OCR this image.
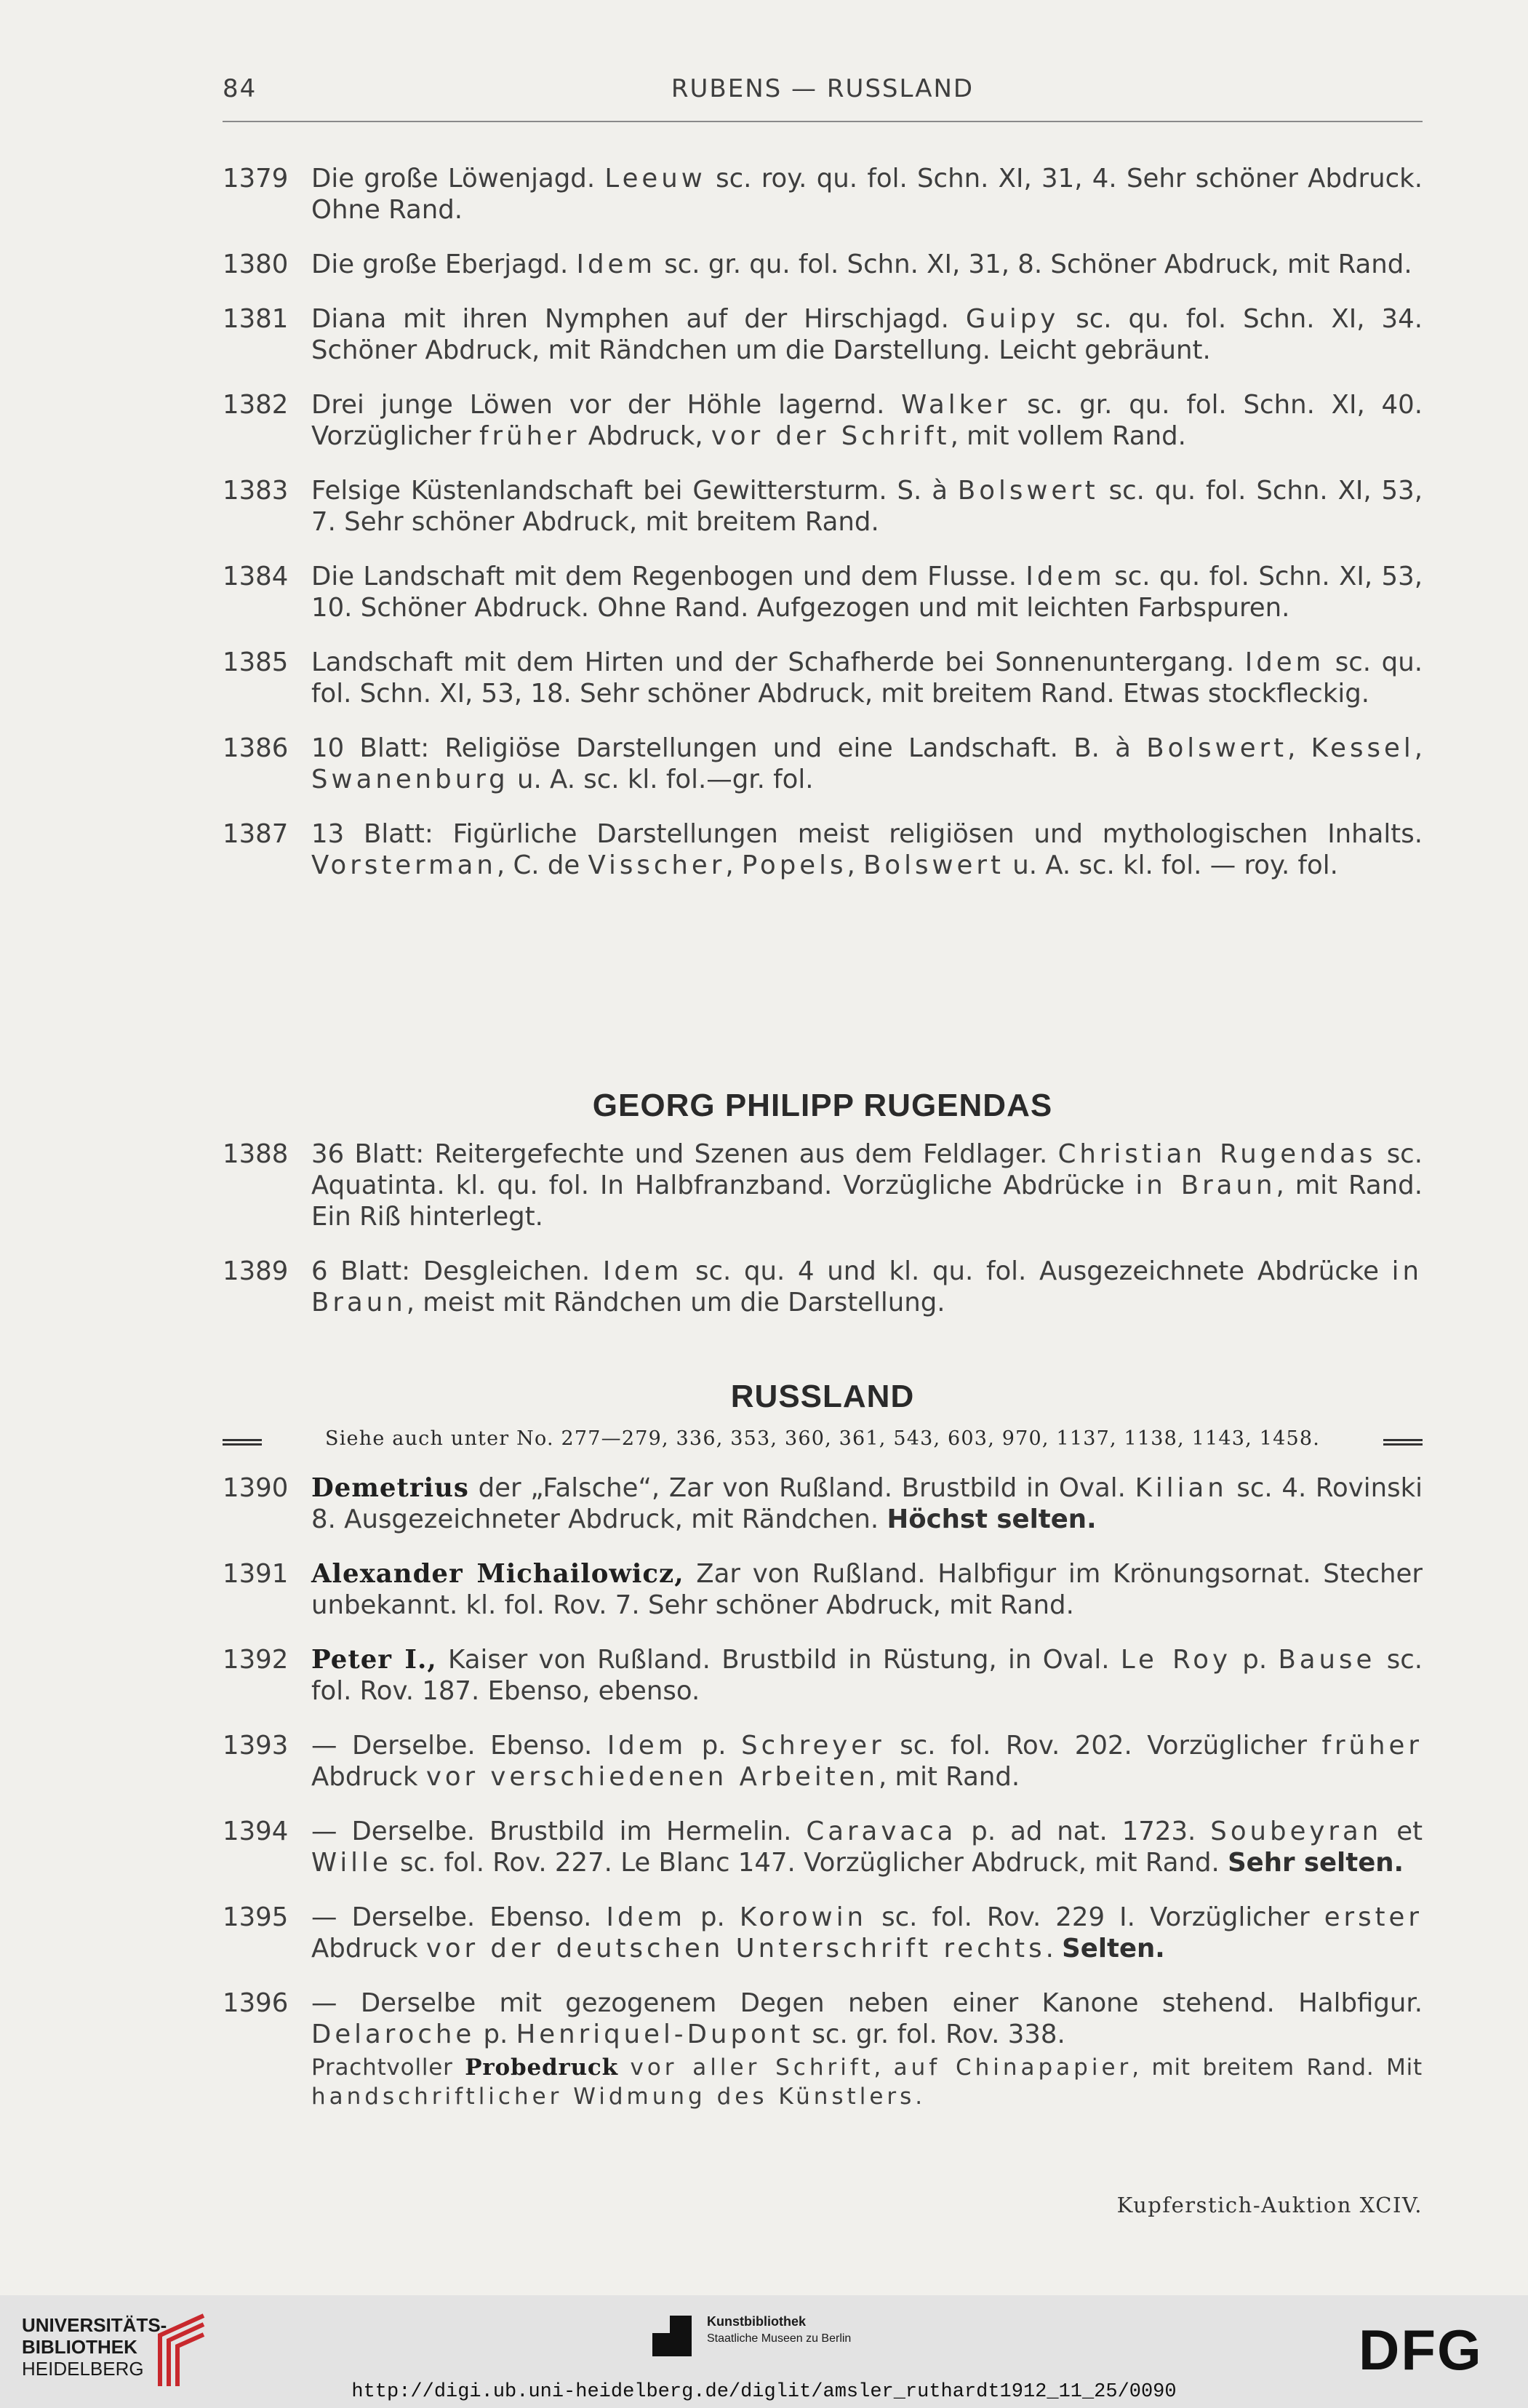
84	RUBENS — RUSSLAND
1379 Die große Löwenjagd. Leeuw sc. roy. qu. fol. Schn. XI, 31, 4. Sehr schöner Abdruck. Ohne Rand.
1380 Die große Eberjagd. Idem sc. gr. qu. fol. Schn. XI, 31, 8. Schöner Abdruck, mit Rand.
1381 Diana mit ihren Nymphen auf der Hirschjagd. Guipy sc. qu. fol. Schn. XI, 34. Schöner Abdruck, mit Rändchen um die Darstellung. Leicht gebräunt.
1382 Drei junge Löwen vor der Höhle lagernd. Walker sc. gr. qu. fol. Schn. XI, 40. Vorzüglicher früher Abdruck, vor der Schrift, mit vollem Rand.
1383 Felsige Küstenlandschaft bei Gewittersturm. S. à Bolswert sc. qu. fol. Schn. XI, 53, 7. Sehr schöner Abdruck, mit breitem Rand.
1384 Die Landschaft mit dem Regenbogen und dem Flusse. Idem sc. qu. fol. Schn. XI, 53, 10. Schöner Abdruck. Ohne Rand. Aufgezogen und mit leichten Farbspuren.
1385 Landschaft mit dem Hirten und der Schafherde bei Sonnenuntergang. Idem sc. qu. fol. Schn. XI, 53, 18. Sehr schöner Abdruck, mit breitem Rand. Etwas stockfleckig.
1386 10 Blatt: Religiöse Darstellungen und eine Landschaft. B. à Bolswert, Kessel, Swanenburg u. A. sc. kl. fol.—gr. fol.
1387 13 Blatt: Figürliche Darstellungen meist religiösen und mythologischen Inhalts. Vorsterman, C. de Visscher, Popels, Bolswert u. A. sc. kl. fol. — roy. fol.
GEORG PHILIPP RUGENDAS
1388 36 Blatt: Reitergefechte und Szenen aus dem Feldlager. Christian Rugendas sc. Aquatinta. kl. qu. fol. In Halbfranzband. Vorzügliche Abdrücke in Braun, mit Rand. Ein Riß hinterlegt.
1389 6 Blatt: Desgleichen. Idem sc. qu. 4 und kl. qu. fol. Ausgezeichnete Abdrücke in Braun, meist mit Rändchen um die Darstellung.
RUSSLAND
Siehe auch unter No. 277—279, 336, 353, 360, 361, 543, 603, 970, 1137, 1138, 1143, 1458.
1390 Demetrius der „Falsche“, Zar von Rußland. Brustbild in Oval. Kilian sc. 4. Rovinski 8. Ausgezeichneter Abdruck, mit Rändchen. Höchst selten.
1391 Alexander Michailowicz, Zar von Rußland. Halbfigur im Krönungsornat. Stecher unbekannt. kl. fol. Rov. 7. Sehr schöner Abdruck, mit Rand.
1392 Peter I., Kaiser von Rußland. Brustbild in Rüstung, in Oval. Le Roy p. Bause sc. fol. Rov. 187. Ebenso, ebenso.
1393 — Derselbe. Ebenso. Idem p. Schreyer sc. fol. Rov. 202. Vorzüglicher früher Abdruck vor verschiedenen Arbeiten, mit Rand.
1394 — Derselbe. Brustbild im Hermelin. Caravaca p. ad nat. 1723. Soubeyran et Wille sc. fol. Rov. 227. Le Blanc 147. Vorzüglicher Abdruck, mit Rand. Sehr selten.
1395 — Derselbe. Ebenso. Idem p. Korowin sc. fol. Rov. 229 I. Vorzüglicher erster Abdruck vor der deutschen Unterschrift rechts. Selten.
1396 — Derselbe mit gezogenem Degen neben einer Kanone stehend. Halbfigur. Delaroche p. Henriquel-Dupont sc. gr. fol. Rov. 338.
Prachtvoller Probedruck vor aller Schrift, auf Chinapapier, mit breitem Rand. Mit handschriftlicher Widmung des Künstlers.
Kupferstich-Auktion XCIV.
UNIVERSITÄTS-
BIBLIOTHEK
HEIDELBERG
Kunstbibliothek
Staatliche Museen zu Berlin	DFG
http://digi.ub.uni-heidelberg.de/diglit/amsler_ruthardt1912_11_25/0090
